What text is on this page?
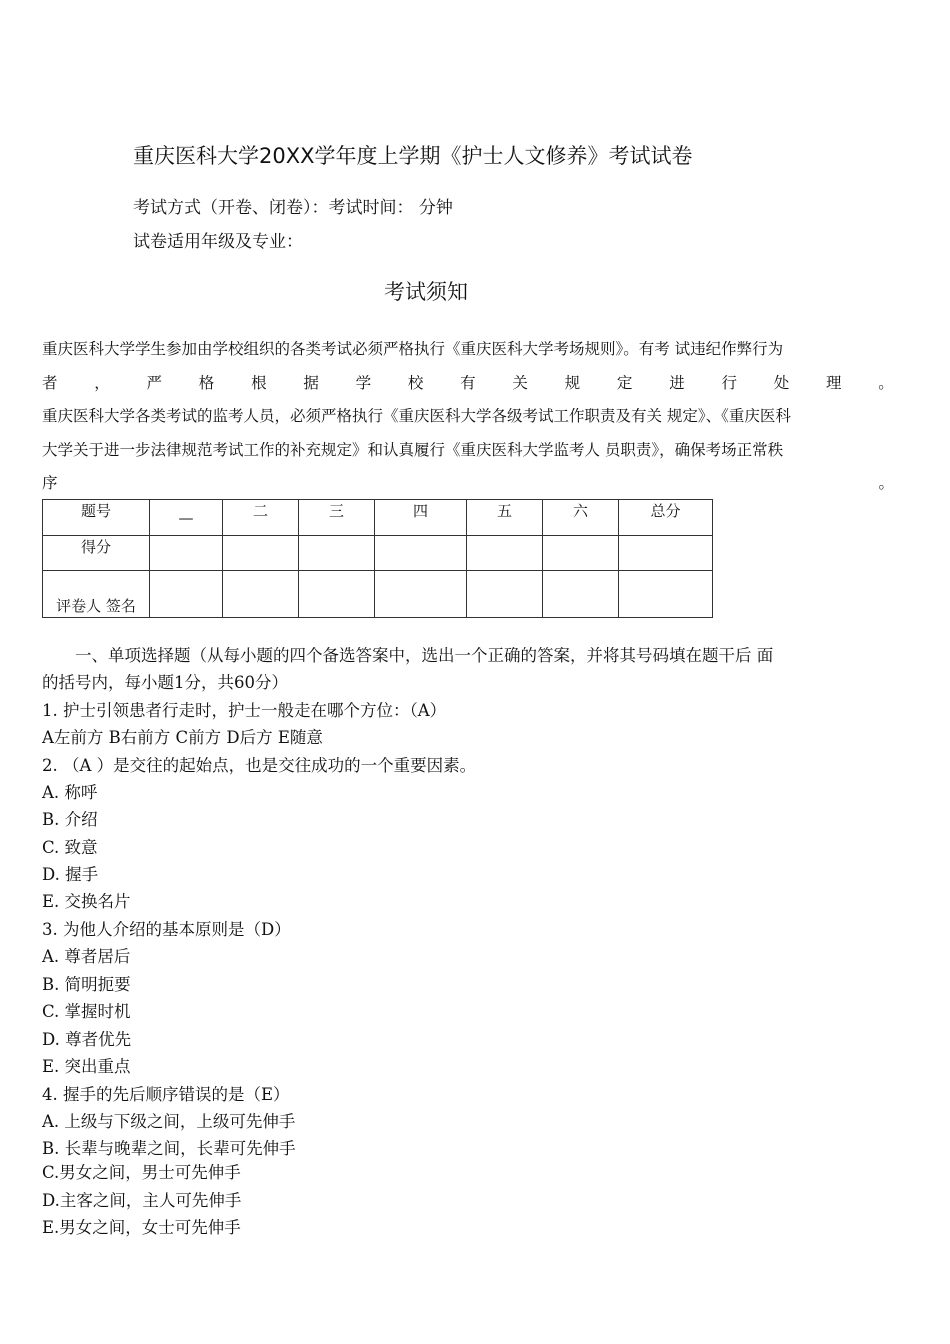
重庆医科大学20XX学年度上学期《护士人文修养》考试试卷
考试方式（开卷、闭卷）：考试时间： 分钟
试卷适用年级及专业：
考试须知

重庆医科大学学生参加由学校组织的各类考试必须严格执行《重庆医科大学考场规则》。有考 试违纪作弊行为

者 ， 严 格 根 据 学 校 有 关 规 定 进 行 处 理 。

重庆医科大学各类考试的监考人员，必须严格执行《重庆医科大学各级考试工作职责及有关 规定》、《重庆医科

大学关于进一步法律规范考试工作的补充规定》和认真履行《重庆医科大学监考人 员职责》，确保考场正常秩

序	。

题号	—	二	三	四	五	六	总分
得分							
评卷人 签名							
一、单项选择题（从每小题的四个备选答案中，选出一个正确的答案，并将其号码填在题干后 面
的括号内，每小题1分，共60分）
1. 护士引领患者行走时，护士一般走在哪个方位：（A）
A左前方 B右前方 C前方 D后方 E随意
2. （A ）是交往的起始点，也是交往成功的一个重要因素。
A. 称呼
B. 介绍
C. 致意
D. 握手
E. 交换名片
3. 为他人介绍的基本原则是（D）
A. 尊者居后
B. 简明扼要
C. 掌握时机
D. 尊者优先
E. 突出重点
4. 握手的先后顺序错误的是（E）
A. 上级与下级之间，上级可先伸手
B. 长辈与晚辈之间，长辈可先伸手
C.男女之间，男士可先伸手
D.主客之间，主人可先伸手
E.男女之间，女士可先伸手
